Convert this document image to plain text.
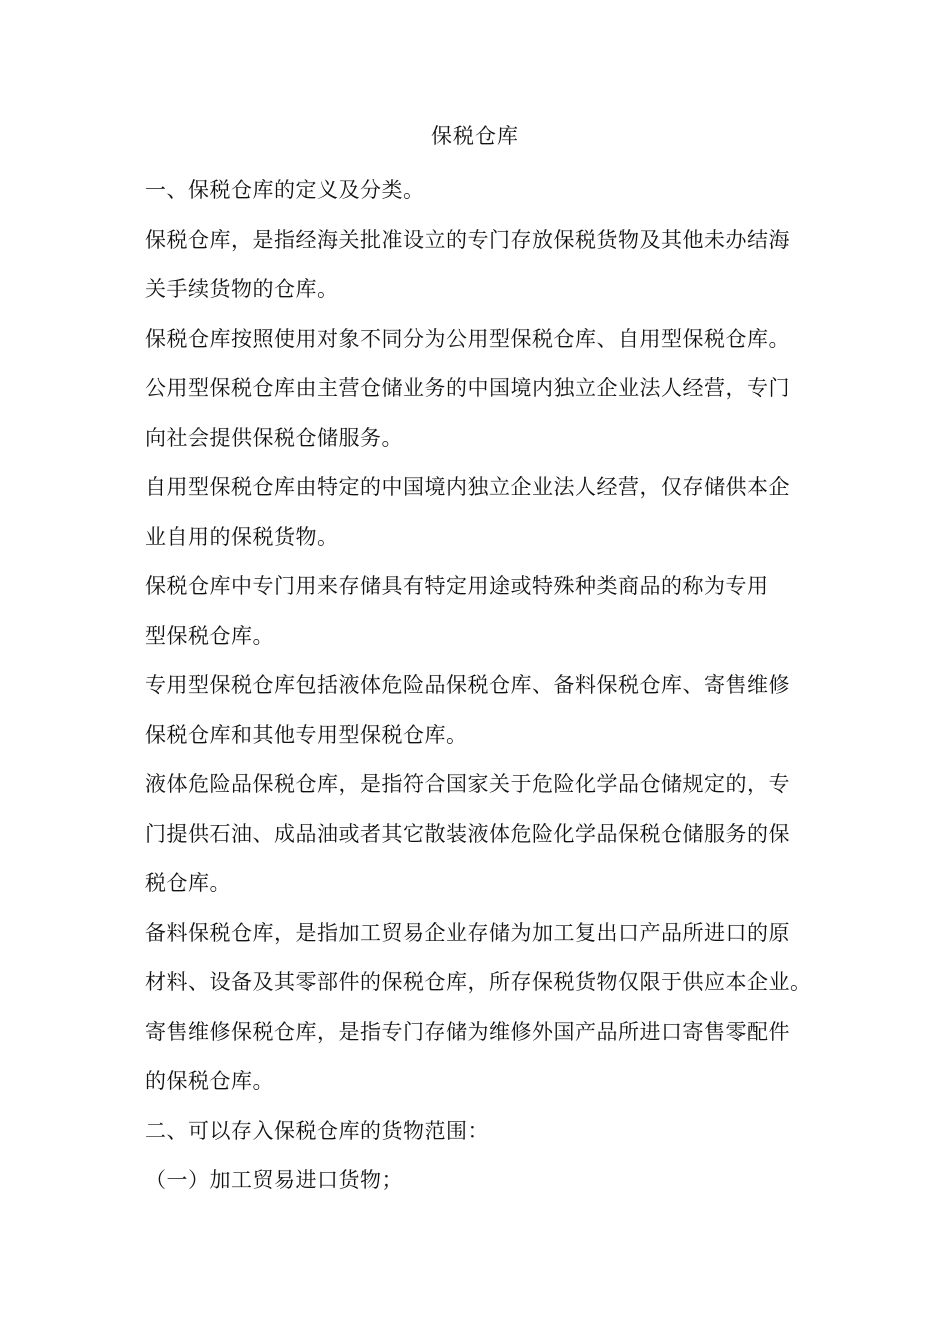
保税仓库

一、保税仓库的定义及分类。

保税仓库，是指经海关批准设立的专门存放保税货物及其他未办结海
关手续货物的仓库。

保税仓库按照使用对象不同分为公用型保税仓库、自用型保税仓库。

公用型保税仓库由主营仓储业务的中国境内独立企业法人经营，专门
向社会提供保税仓储服务。

自用型保税仓库由特定的中国境内独立企业法人经营，仅存储供本企
业自用的保税货物。

保税仓库中专门用来存储具有特定用途或特殊种类商品的称为专用
型保税仓库。

专用型保税仓库包括液体危险品保税仓库、备料保税仓库、寄售维修
保税仓库和其他专用型保税仓库。

液体危险品保税仓库，是指符合国家关于危险化学品仓储规定的，专
门提供石油、成品油或者其它散装液体危险化学品保税仓储服务的保
税仓库。

备料保税仓库，是指加工贸易企业存储为加工复出口产品所进口的原
材料、设备及其零部件的保税仓库，所存保税货物仅限于供应本企业。

寄售维修保税仓库，是指专门存储为维修外国产品所进口寄售零配件
的保税仓库。

二、可以存入保税仓库的货物范围：

（一）加工贸易进口货物；
